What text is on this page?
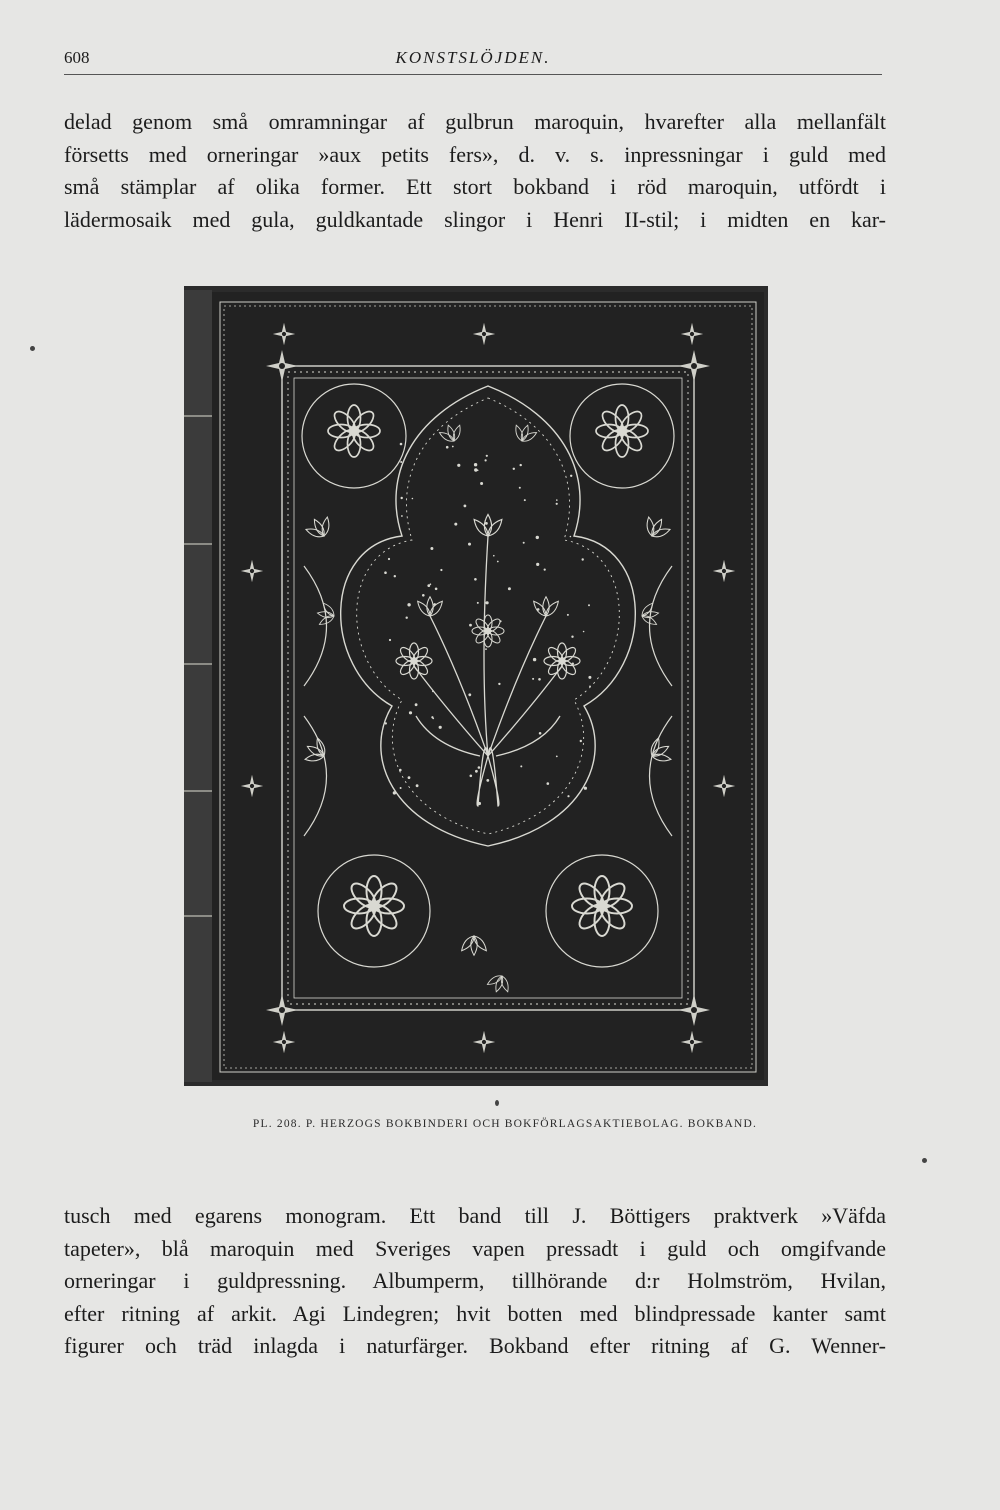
608	KONSTSLÖJDEN.

delad genom små omramningar af gulbrun maroquin, hvarefter alla mellanfält

försetts med orneringar »aux petits fers», d. v. s. inpressningar i guld med

små stämplar af olika former. Ett stort bokband i röd maroquin, utfördt i

lädermosaik med gula, guldkantade slingor i Henri II-stil; i midten en kar-

PL. 208. P. HERZOGS BOKBINDERI OCH BOKFÖRLAGSAKTIEBOLAG. BOKBAND.

tusch med egarens monogram. Ett band till J. Böttigers praktverk »Väfda

tapeter», blå maroquin med Sveriges vapen pressadt i guld och omgifvande

orneringar i guldpressning. Albumperm, tillhörande d:r Holmström, Hvilan,

efter ritning af arkit. Agi Lindegren; hvit botten med blindpressade kanter samt

figurer och träd inlagda i naturfärger. Bokband efter ritning af G. Wenner-
